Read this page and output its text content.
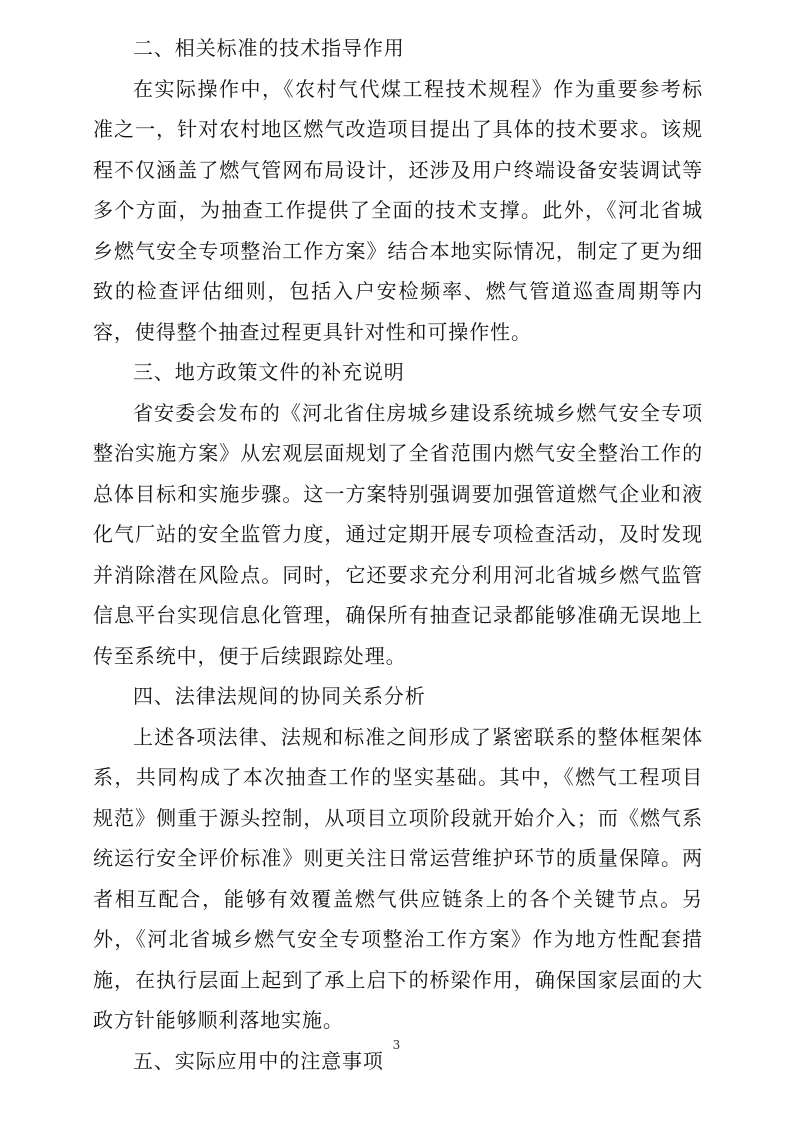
二、相关标准的技术指导作用

在实际操作中，《农村气代煤工程技术规程》作为重要参考标准之一，针对农村地区燃气改造项目提出了具体的技术要求。该规程不仅涵盖了燃气管网布局设计，还涉及用户终端设备安装调试等多个方面，为抽查工作提供了全面的技术支撑。此外，《河北省城乡燃气安全专项整治工作方案》结合本地实际情况，制定了更为细致的检查评估细则，包括入户安检频率、燃气管道巡查周期等内容，使得整个抽查过程更具针对性和可操作性。

三、地方政策文件的补充说明

省安委会发布的《河北省住房城乡建设系统城乡燃气安全专项整治实施方案》从宏观层面规划了全省范围内燃气安全整治工作的总体目标和实施步骤。这一方案特别强调要加强管道燃气企业和液化气厂站的安全监管力度，通过定期开展专项检查活动，及时发现并消除潜在风险点。同时，它还要求充分利用河北省城乡燃气监管信息平台实现信息化管理，确保所有抽查记录都能够准确无误地上传至系统中，便于后续跟踪处理。

四、法律法规间的协同关系分析

上述各项法律、法规和标准之间形成了紧密联系的整体框架体系，共同构成了本次抽查工作的坚实基础。其中，《燃气工程项目规范》侧重于源头控制，从项目立项阶段就开始介入；而《燃气系统运行安全评价标准》则更关注日常运营维护环节的质量保障。两者相互配合，能够有效覆盖燃气供应链条上的各个关键节点。另外，《河北省城乡燃气安全专项整治工作方案》作为地方性配套措施，在执行层面上起到了承上启下的桥梁作用，确保国家层面的大政方针能够顺利落地实施。

五、实际应用中的注意事项

3
